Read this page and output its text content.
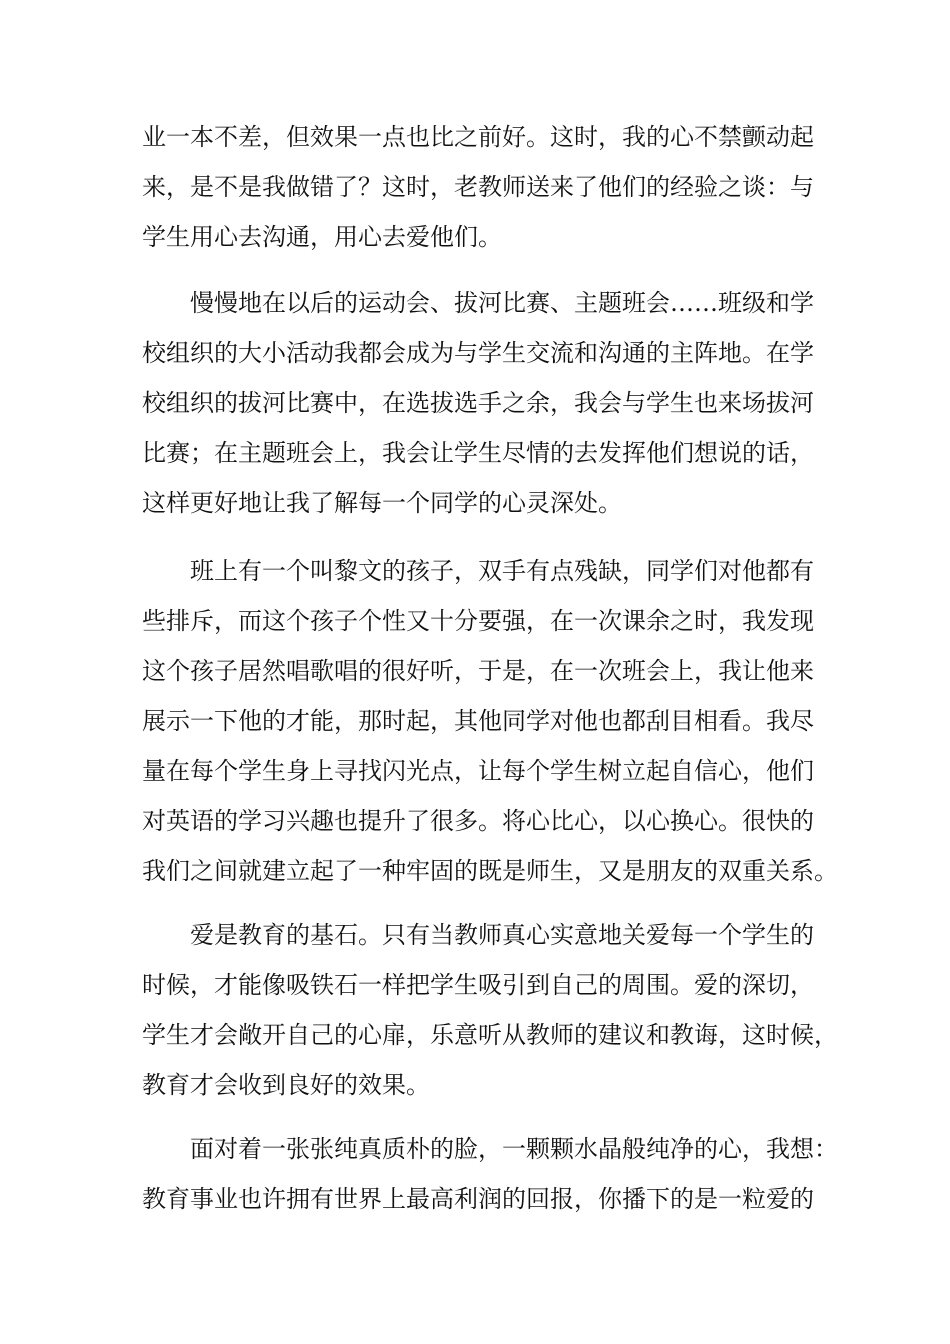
业一本不差，但效果一点也比之前好。这时，我的心不禁颤动起
来，是不是我做错了？这时，老教师送来了他们的经验之谈：与
学生用心去沟通，用心去爱他们。
慢慢地在以后的运动会、拔河比赛、主题班会……班级和学
校组织的大小活动我都会成为与学生交流和沟通的主阵地。在学
校组织的拔河比赛中，在选拔选手之余，我会与学生也来场拔河
比赛；在主题班会上，我会让学生尽情的去发挥他们想说的话，
这样更好地让我了解每一个同学的心灵深处。
班上有一个叫黎文的孩子，双手有点残缺，同学们对他都有
些排斥，而这个孩子个性又十分要强，在一次课余之时，我发现
这个孩子居然唱歌唱的很好听，于是，在一次班会上，我让他来
展示一下他的才能，那时起，其他同学对他也都刮目相看。我尽
量在每个学生身上寻找闪光点，让每个学生树立起自信心，他们
对英语的学习兴趣也提升了很多。将心比心，以心换心。很快的
我们之间就建立起了一种牢固的既是师生，又是朋友的双重关系。
爱是教育的基石。只有当教师真心实意地关爱每一个学生的
时候，才能像吸铁石一样把学生吸引到自己的周围。爱的深切，
学生才会敞开自己的心扉，乐意听从教师的建议和教诲，这时候，
教育才会收到良好的效果。
面对着一张张纯真质朴的脸，一颗颗水晶般纯净的心，我想：
教育事业也许拥有世界上最高利润的回报，你播下的是一粒爱的
